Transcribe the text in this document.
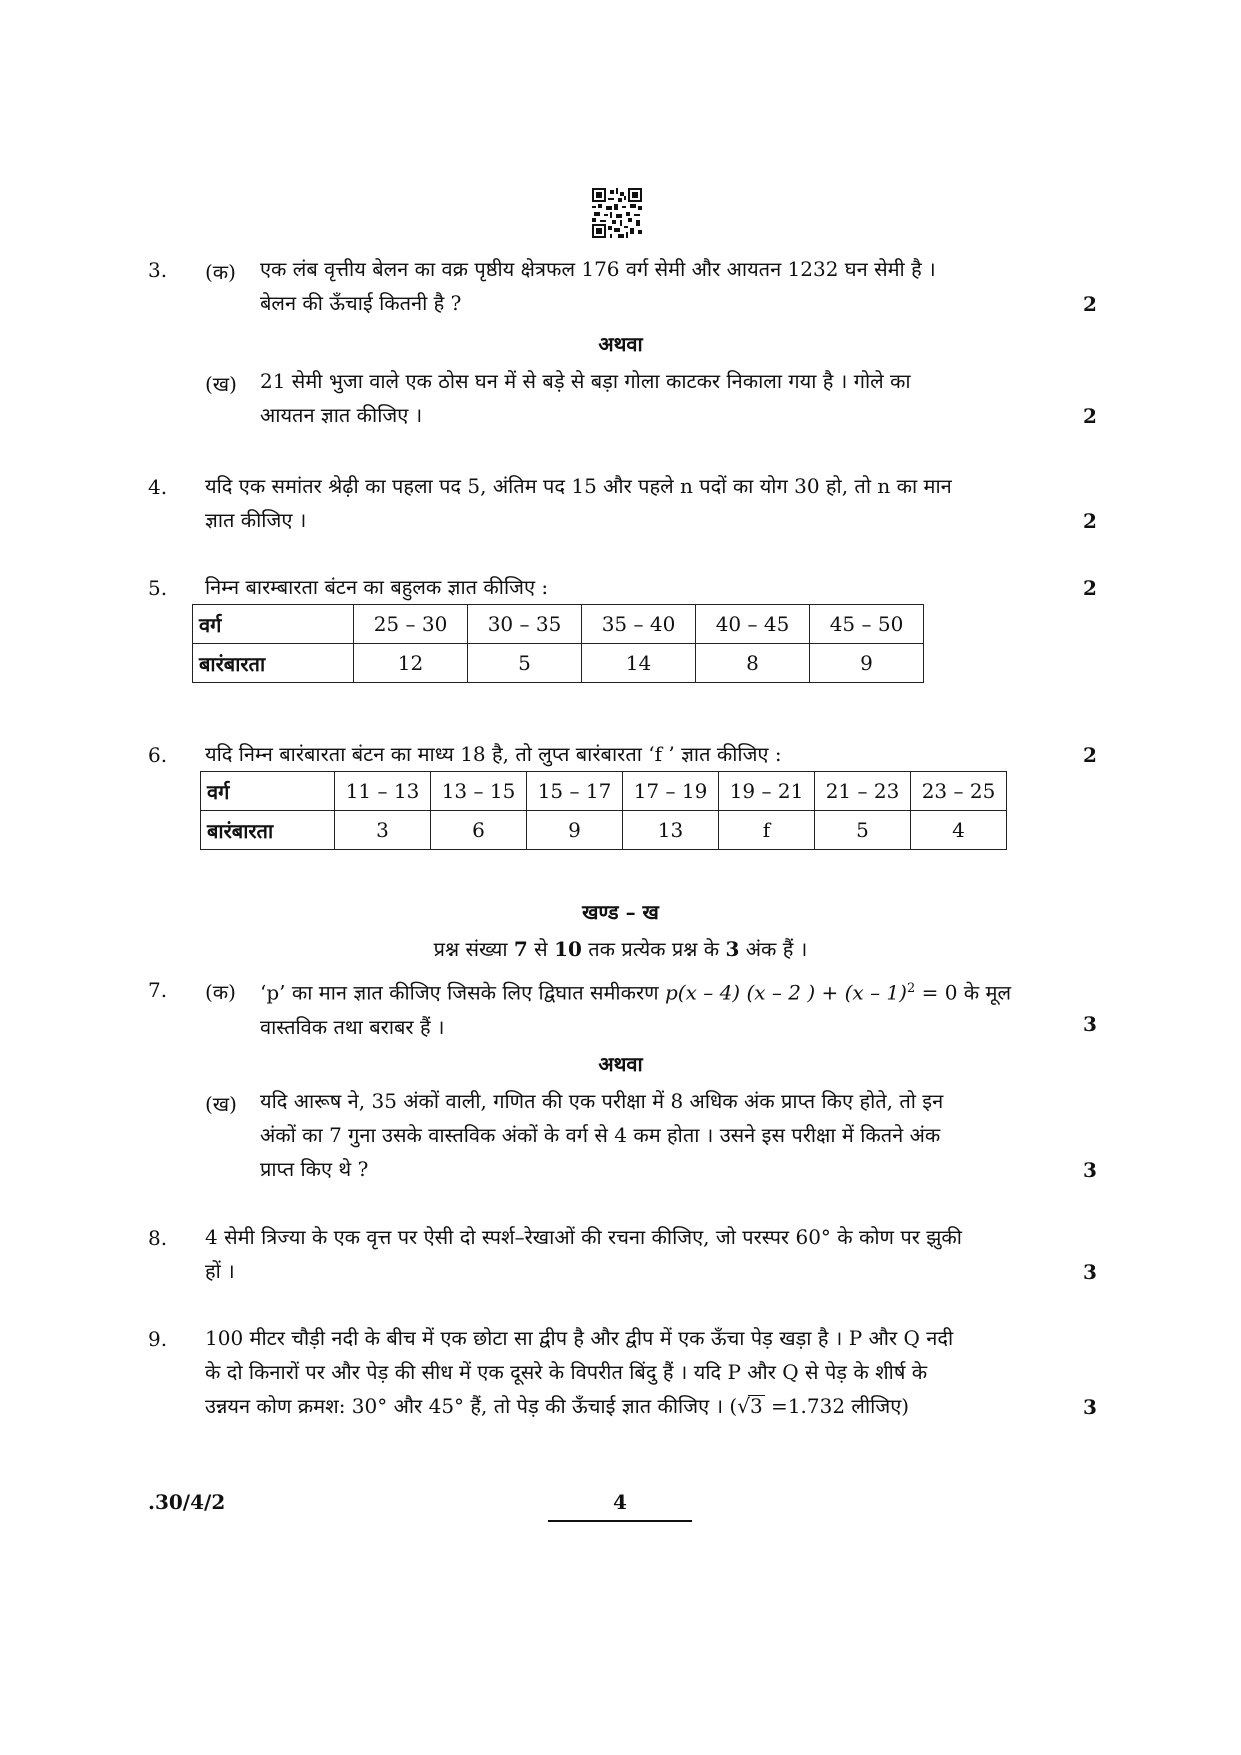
3. (क) एक लंब वृत्तीय बेलन का वक्र पृष्ठीय क्षेत्रफल 176 वर्ग सेमी और आयतन 1232 घन सेमी है ।
बेलन की ऊँचाई कितनी है ?	2
अथवा
(ख) 21 सेमी भुजा वाले एक ठोस घन में से बड़े से बड़ा गोला काटकर निकाला गया है । गोले का
आयतन ज्ञात कीजिए ।	2
4. यदि एक समांतर श्रेढ़ी का पहला पद 5, अंतिम पद 15 और पहले n पदों का योग 30 हो, तो n का मान
ज्ञात कीजिए ।	2
5. निम्न बारम्बारता बंटन का बहुलक ज्ञात कीजिए :	2
वर्ग	25 – 30	30 – 35	35 – 40	40 – 45	45 – 50
बारंबारता	12	5	14	8	9
6. यदि निम्न बारंबारता बंटन का माध्य 18 है, तो लुप्त बारंबारता ‘f ’ ज्ञात कीजिए :	2
वर्ग	11 – 13	13 – 15	15 – 17	17 – 19	19 – 21	21 – 23	23 – 25
बारंबारता	3	6	9	13	f	5	4
खण्ड – ख
प्रश्न संख्या 7 से 10 तक प्रत्येक प्रश्न के 3 अंक हैं ।
7. (क) ‘p’ का मान ज्ञात कीजिए जिसके लिए द्विघात समीकरण p(x – 4) (x – 2 ) + (x – 1)$^2$ = 0 के मूल
वास्तविक तथा बराबर हैं ।	3
अथवा
(ख) यदि आरूष ने, 35 अंकों वाली, गणित की एक परीक्षा में 8 अधिक अंक प्राप्त किए होते, तो इन
अंकों का 7 गुना उसके वास्तविक अंकों के वर्ग से 4 कम होता । उसने इस परीक्षा में कितने अंक
प्राप्त किए थे ?	3
8. 4 सेमी त्रिज्या के एक वृत्त पर ऐसी दो स्पर्श–रेखाओं की रचना कीजिए, जो परस्पर 60° के कोण पर झुकी
हों ।	3
9. 100 मीटर चौड़ी नदी के बीच में एक छोटा सा द्वीप है और द्वीप में एक ऊँचा पेड़ खड़ा है । P और Q नदी
के दो किनारों पर और पेड़ की सीध में एक दूसरे के विपरीत बिंदु हैं । यदि P और Q से पेड़ के शीर्ष के
उन्नयन कोण क्रमश: 30° और 45° हैं, तो पेड़ की ऊँचाई ज्ञात कीजिए । (√3 =1.732 लीजिए)	3
.30/4/2	4
